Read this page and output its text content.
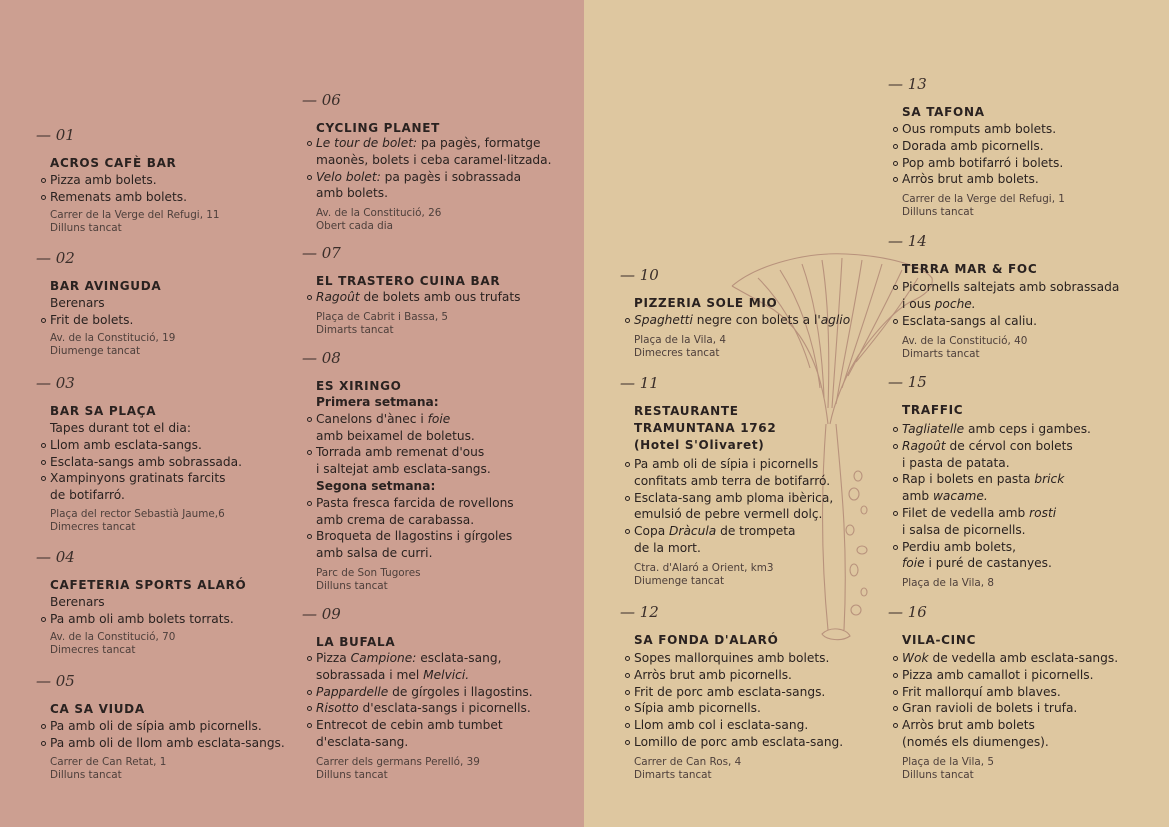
— 01
ACROS CAFÈ BAR
Pizza amb bolets.
Remenats amb bolets.
Carrer de la Verge del Refugi, 11
Dilluns tancat
— 02
BAR AVINGUDA
Berenars
Frit de bolets.
Av. de la Constitució, 19
Diumenge tancat
— 03
BAR SA PLAÇA
Tapes durant tot el dia:
Llom amb esclata-sangs.
Esclata-sangs amb sobrassada.
Xampinyons gratinats farcits
de botifarró.
Plaça del rector Sebastià Jaume,6
Dimecres tancat
— 04
CAFETERIA SPORTS ALARÓ
Berenars
Pa amb oli amb bolets torrats.
Av. de la Constitució, 70
Dimecres tancat
— 05
CA SA VIUDA
Pa amb oli de sípia amb picornells.
Pa amb oli de llom amb esclata-sangs.
Carrer de Can Retat, 1
Dilluns tancat
— 06
CYCLING PLANET
Le tour de bolet: pa pagès, formatge
maonès, bolets i ceba caramel·litzada.
Velo bolet: pa pagès i sobrassada
amb bolets.
Av. de la Constitució, 26
Obert cada dia
— 07
EL TRASTERO CUINA BAR
Ragoût de bolets amb ous trufats
Plaça de Cabrit i Bassa, 5
Dimarts tancat
— 08
ES XIRINGO
Primera setmana:
Canelons d'ànec i foie
amb beixamel de boletus.
Torrada amb remenat d'ous
i saltejat amb esclata-sangs.
Segona setmana:
Pasta fresca farcida de rovellons
amb crema de carabassa.
Broqueta de llagostins i gírgoles
amb salsa de curri.
Parc de Son Tugores
Dilluns tancat
— 09
LA BUFALA
Pizza Campione: esclata-sang,
sobrassada i mel Melvici.
Pappardelle de gírgoles i llagostins.
Risotto d'esclata-sangs i picornells.
Entrecot de cebin amb tumbet
d'esclata-sang.
Carrer dels germans Perelló, 39
Dilluns tancat
— 10
PIZZERIA SOLE MIO
Spaghetti negre con bolets a l'aglio
Plaça de la Vila, 4
Dimecres tancat
— 11
RESTAURANTE
TRAMUNTANA 1762
(Hotel S'Olivaret)
Pa amb oli de sípia i picornells
confitats amb terra de botifarró.
Esclata-sang amb ploma ibèrica,
emulsió de pebre vermell dolç.
Copa Dràcula de trompeta
de la mort.
Ctra. d'Alaró a Orient, km3
Diumenge tancat
— 12
SA FONDA D'ALARÓ
Sopes mallorquines amb bolets.
Arròs brut amb picornells.
Frit de porc amb esclata-sangs.
Sípia amb picornells.
Llom amb col i esclata-sang.
Lomillo de porc amb esclata-sang.
Carrer de Can Ros, 4
Dimarts tancat
— 13
SA TAFONA
Ous romputs amb bolets.
Dorada amb picornells.
Pop amb botifarró i bolets.
Arròs brut amb bolets.
Carrer de la Verge del Refugi, 1
Dilluns tancat
— 14
TERRA MAR & FOC
Picornells saltejats amb sobrassada
i ous poche.
Esclata-sangs al caliu.
Av. de la Constitució, 40
Dimarts tancat
— 15
TRAFFIC
Tagliatelle amb ceps i gambes.
Ragoût de cérvol con bolets
i pasta de patata.
Rap i bolets en pasta brick
amb wacame.
Filet de vedella amb rosti
i salsa de picornells.
Perdiu amb bolets,
foie i puré de castanyes.
Plaça de la Vila, 8
— 16
VILA-CINC
Wok de vedella amb esclata-sangs.
Pizza amb camallot i picornells.
Frit mallorquí amb blaves.
Gran ravioli de bolets i trufa.
Arròs brut amb bolets
(només els diumenges).
Plaça de la Vila, 5
Dilluns tancat
